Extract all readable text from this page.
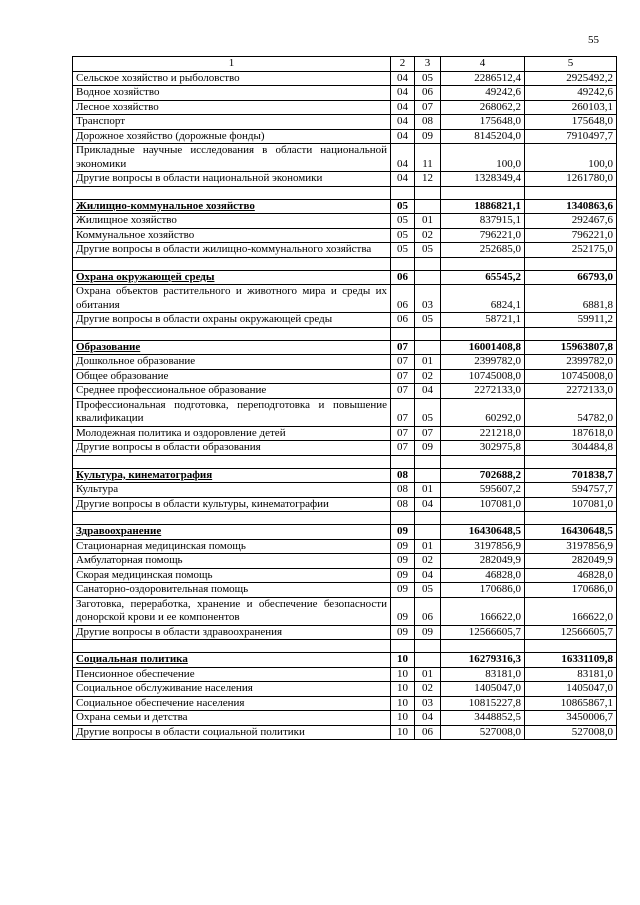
55
1	2	3	4	5
Сельское хозяйство и рыболовство	04	05	2286512,4	2925492,2
Водное хозяйство	04	06	49242,6	49242,6
Лесное хозяйство	04	07	268062,2	260103,1
Транспорт	04	08	175648,0	175648,0
Дорожное хозяйство (дорожные фонды)	04	09	8145204,0	7910497,7
Прикладные научные исследования в области национальной экономики	04	11	100,0	100,0
Другие вопросы в области национальной экономики	04	12	1328349,4	1261780,0

Жилищно-коммунальное хозяйство	05		1886821,1	1340863,6
Жилищное хозяйство	05	01	837915,1	292467,6
Коммунальное хозяйство	05	02	796221,0	796221,0
Другие вопросы в области жилищно-коммунального хозяйства	05	05	252685,0	252175,0

Охрана окружающей среды	06		65545,2	66793,0
Охрана объектов растительного и животного мира и среды их обитания	06	03	6824,1	6881,8
Другие вопросы в области охраны окружающей среды	06	05	58721,1	59911,2

Образование	07		16001408,8	15963807,8
Дошкольное образование	07	01	2399782,0	2399782,0
Общее образование	07	02	10745008,0	10745008,0
Среднее профессиональное образование	07	04	2272133,0	2272133,0
Профессиональная подготовка, переподготовка и повышение квалификации	07	05	60292,0	54782,0
Молодежная политика и оздоровление детей	07	07	221218,0	187618,0
Другие вопросы в области образования	07	09	302975,8	304484,8

Культура, кинематография	08		702688,2	701838,7
Культура	08	01	595607,2	594757,7
Другие вопросы в области культуры, кинематографии	08	04	107081,0	107081,0

Здравоохранение	09		16430648,5	16430648,5
Стационарная медицинская помощь	09	01	3197856,9	3197856,9
Амбулаторная помощь	09	02	282049,9	282049,9
Скорая медицинская помощь	09	04	46828,0	46828,0
Санаторно-оздоровительная помощь	09	05	170686,0	170686,0
Заготовка, переработка, хранение и обеспечение безопасности донорской крови и ее компонентов	09	06	166622,0	166622,0
Другие вопросы в области здравоохранения	09	09	12566605,7	12566605,7

Социальная политика	10		16279316,3	16331109,8
Пенсионное обеспечение	10	01	83181,0	83181,0
Социальное обслуживание населения	10	02	1405047,0	1405047,0
Социальное обеспечение населения	10	03	10815227,8	10865867,1
Охрана семьи и детства	10	04	3448852,5	3450006,7
Другие вопросы в области социальной политики	10	06	527008,0	527008,0
